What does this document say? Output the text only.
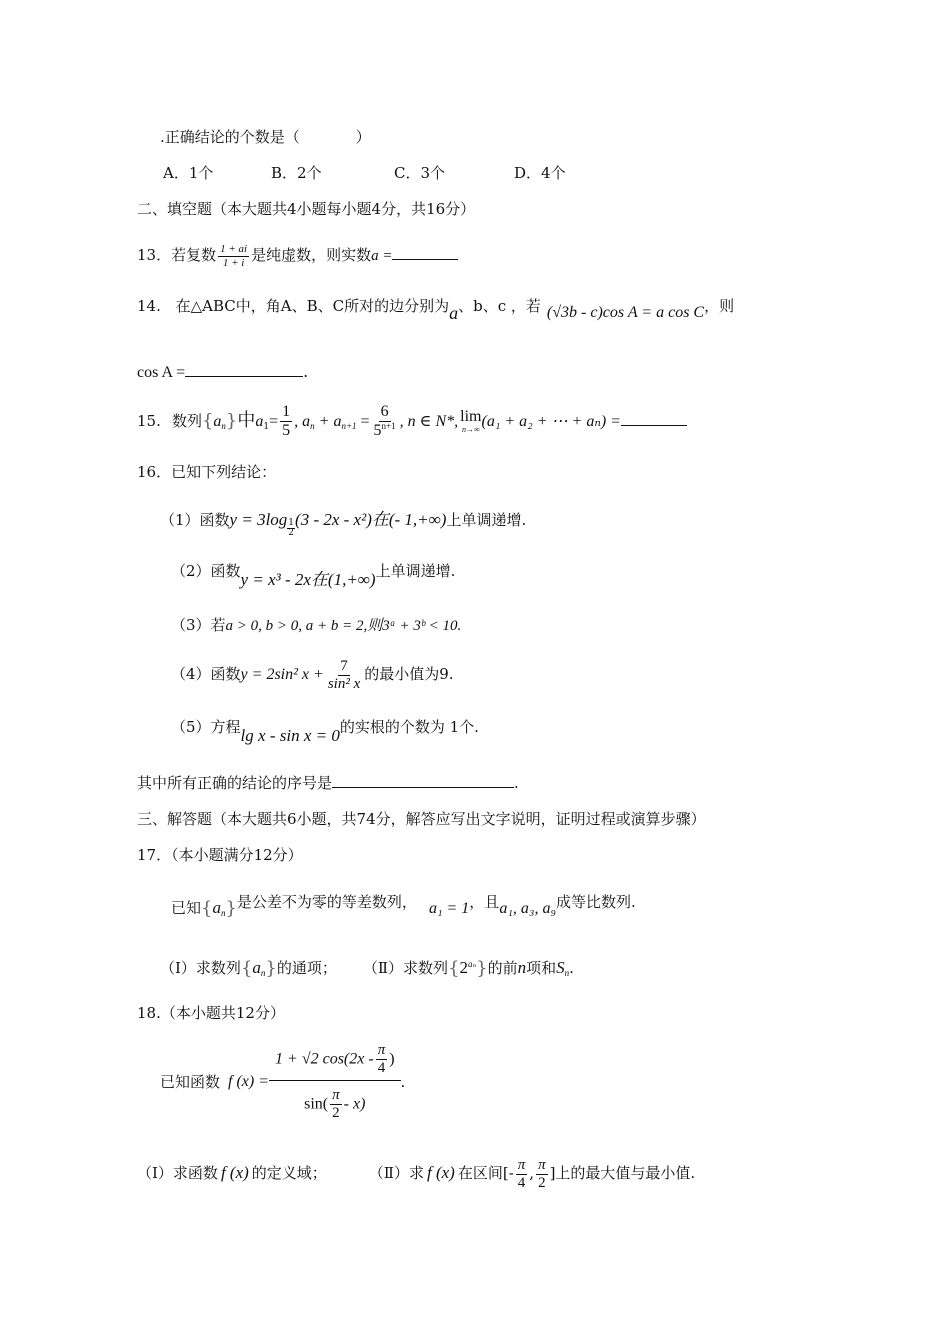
.正确结论的个数是（	）
A．1个	B．2个	C．3个	D．4个
二、填空题（本大题共4小题每小题4分，共16分）
13．若复数 $\frac{1 + ai}{1 + i}$ 是纯虚数，则实数a =
14. 在△ABC中，角A、B、C所对的边分别为a、b、c ，若 (√3b - c)cos A = a cos C，则
cos A =	.
15. 数列$\{a_n\}$中$a_1= \frac{1}{5}$ , $a_n + a_{n+1} = \frac{6}{5^{n+1}}$ , n ∈ N*, lim
n→∞ (a₁ + a₂ + ⋯ + aₙ) =
16．已知下列结论：
（1）函数$y = 3\log \frac{1}{2} (3 - 2x - x^2)$在(- 1,+∞)上单调递增.
（2）函数y = x³ - 2x在(1,+∞)上单调递增.
（3）若a > 0, b > 0, a + b = 2,则3ᵃ + 3ᵇ < 10.
（4）函数y = 2sin² $x + \frac{7}{\text{sin² x}}$ 的最小值为9.
（5）方程lg x - sin x = 0的实根的个数为 1个.
其中所有正确的结论的序号是	.
三、解答题（本大题共6小题，共74分，解答应写出文字说明，证明过程或演算步骤）
17．（本小题满分12分）
已知$\{a_n\}$是公差不为零的等差数列， a₁ = 1，且a₁, a₃, a₉成等比数列.
（Ⅰ）求数列$\{a_n\}$的通项； （Ⅱ）求数列$\{2^{a_n}\}$的前n项和$S_n$.
18.（本小题共12分）
已知函数 f $(x) = \frac{1 + √2 \cos(2x - \frac{\pi}{4} )}{\sin( \frac{\pi}{2} - x)}$ .
（Ⅰ）求函数 f (x) 的定义域；	（Ⅱ）求 f (x) 在区间[- $\frac{\pi}{4}$ , $\frac{\pi}{2}$ ]上的最大值与最小值.
